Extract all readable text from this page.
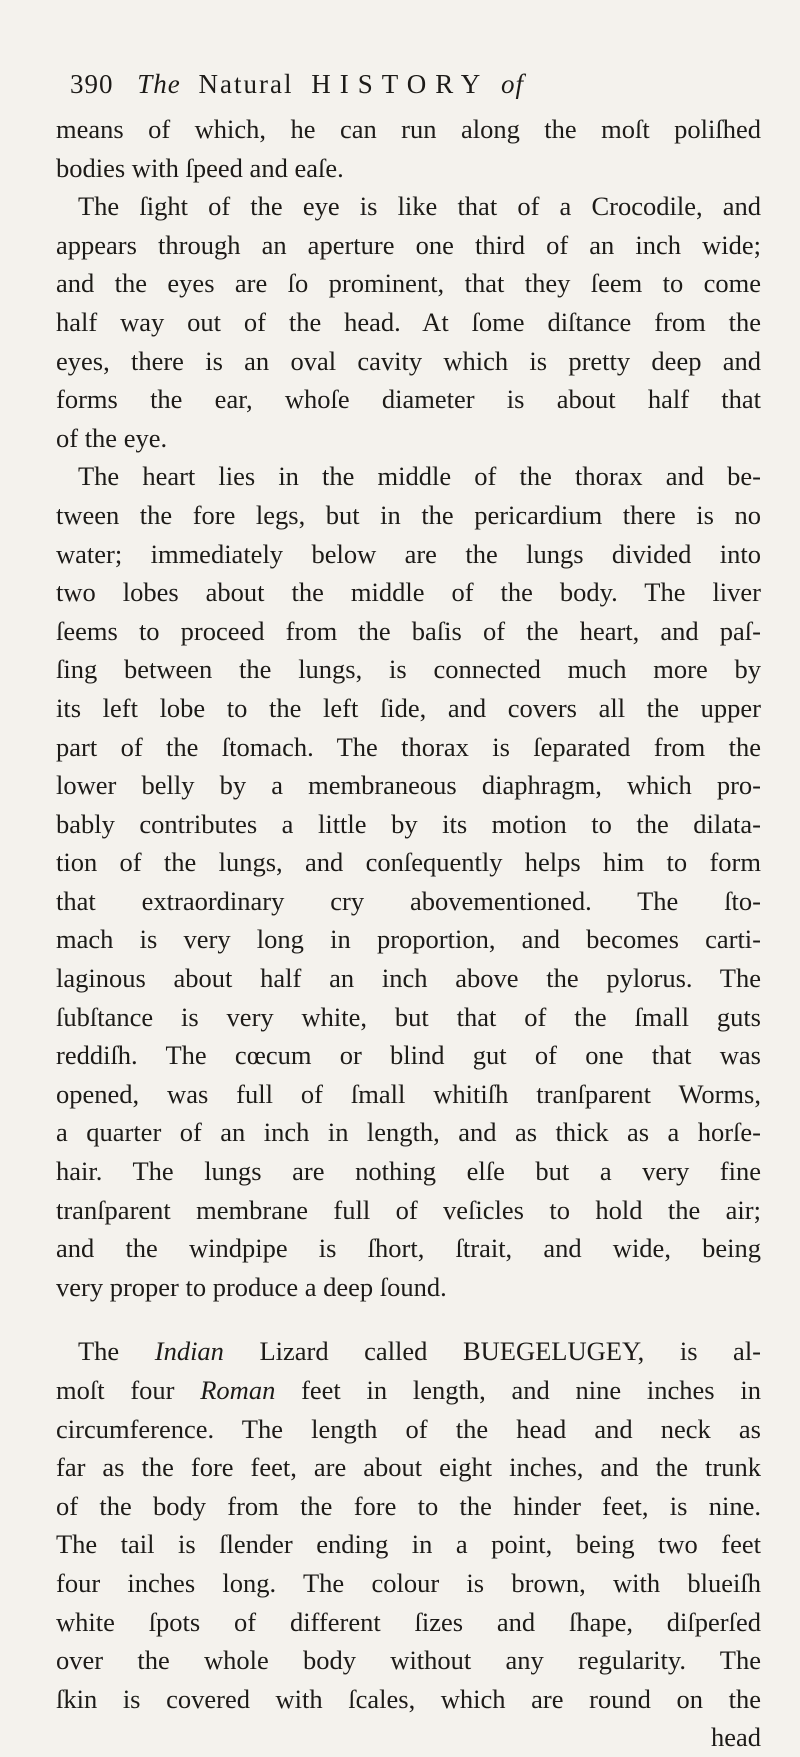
390 The Natural HISTORY of
means of which, he can run along the moſt poliſhed
bodies with ſpeed and eaſe.
The ſight of the eye is like that of a Crocodile, and
appears through an aperture one third of an inch wide;
and the eyes are ſo prominent, that they ſeem to come
half way out of the head. At ſome diſtance from the
eyes, there is an oval cavity which is pretty deep and
forms the ear, whoſe diameter is about half that
of the eye.
The heart lies in the middle of the thorax and be-
tween the fore legs, but in the pericardium there is no
water; immediately below are the lungs divided into
two lobes about the middle of the body. The liver
ſeems to proceed from the baſis of the heart, and paſ-
ſing between the lungs, is connected much more by
its left lobe to the left ſide, and covers all the upper
part of the ſtomach. The thorax is ſeparated from the
lower belly by a membraneous diaphragm, which pro-
bably contributes a little by its motion to the dilata-
tion of the lungs, and conſequently helps him to form
that extraordinary cry abovementioned. The ſto-
mach is very long in proportion, and becomes carti-
laginous about half an inch above the pylorus. The
ſubſtance is very white, but that of the ſmall guts
reddiſh. The cœcum or blind gut of one that was
opened, was full of ſmall whitiſh tranſparent Worms,
a quarter of an inch in length, and as thick as a horſe-
hair. The lungs are nothing elſe but a very fine
tranſparent membrane full of veſicles to hold the air;
and the windpipe is ſhort, ſtrait, and wide, being
very proper to produce a deep ſound.
The Indian Lizard called BUEGELUGEY, is al-
moſt four Roman feet in length, and nine inches in
circumference. The length of the head and neck as
far as the fore feet, are about eight inches, and the trunk
of the body from the fore to the hinder feet, is nine.
The tail is ſlender ending in a point, being two feet
four inches long. The colour is brown, with blueiſh
white ſpots of different ſizes and ſhape, diſperſed
over the whole body without any regularity. The
ſkin is covered with ſcales, which are round on the
head
